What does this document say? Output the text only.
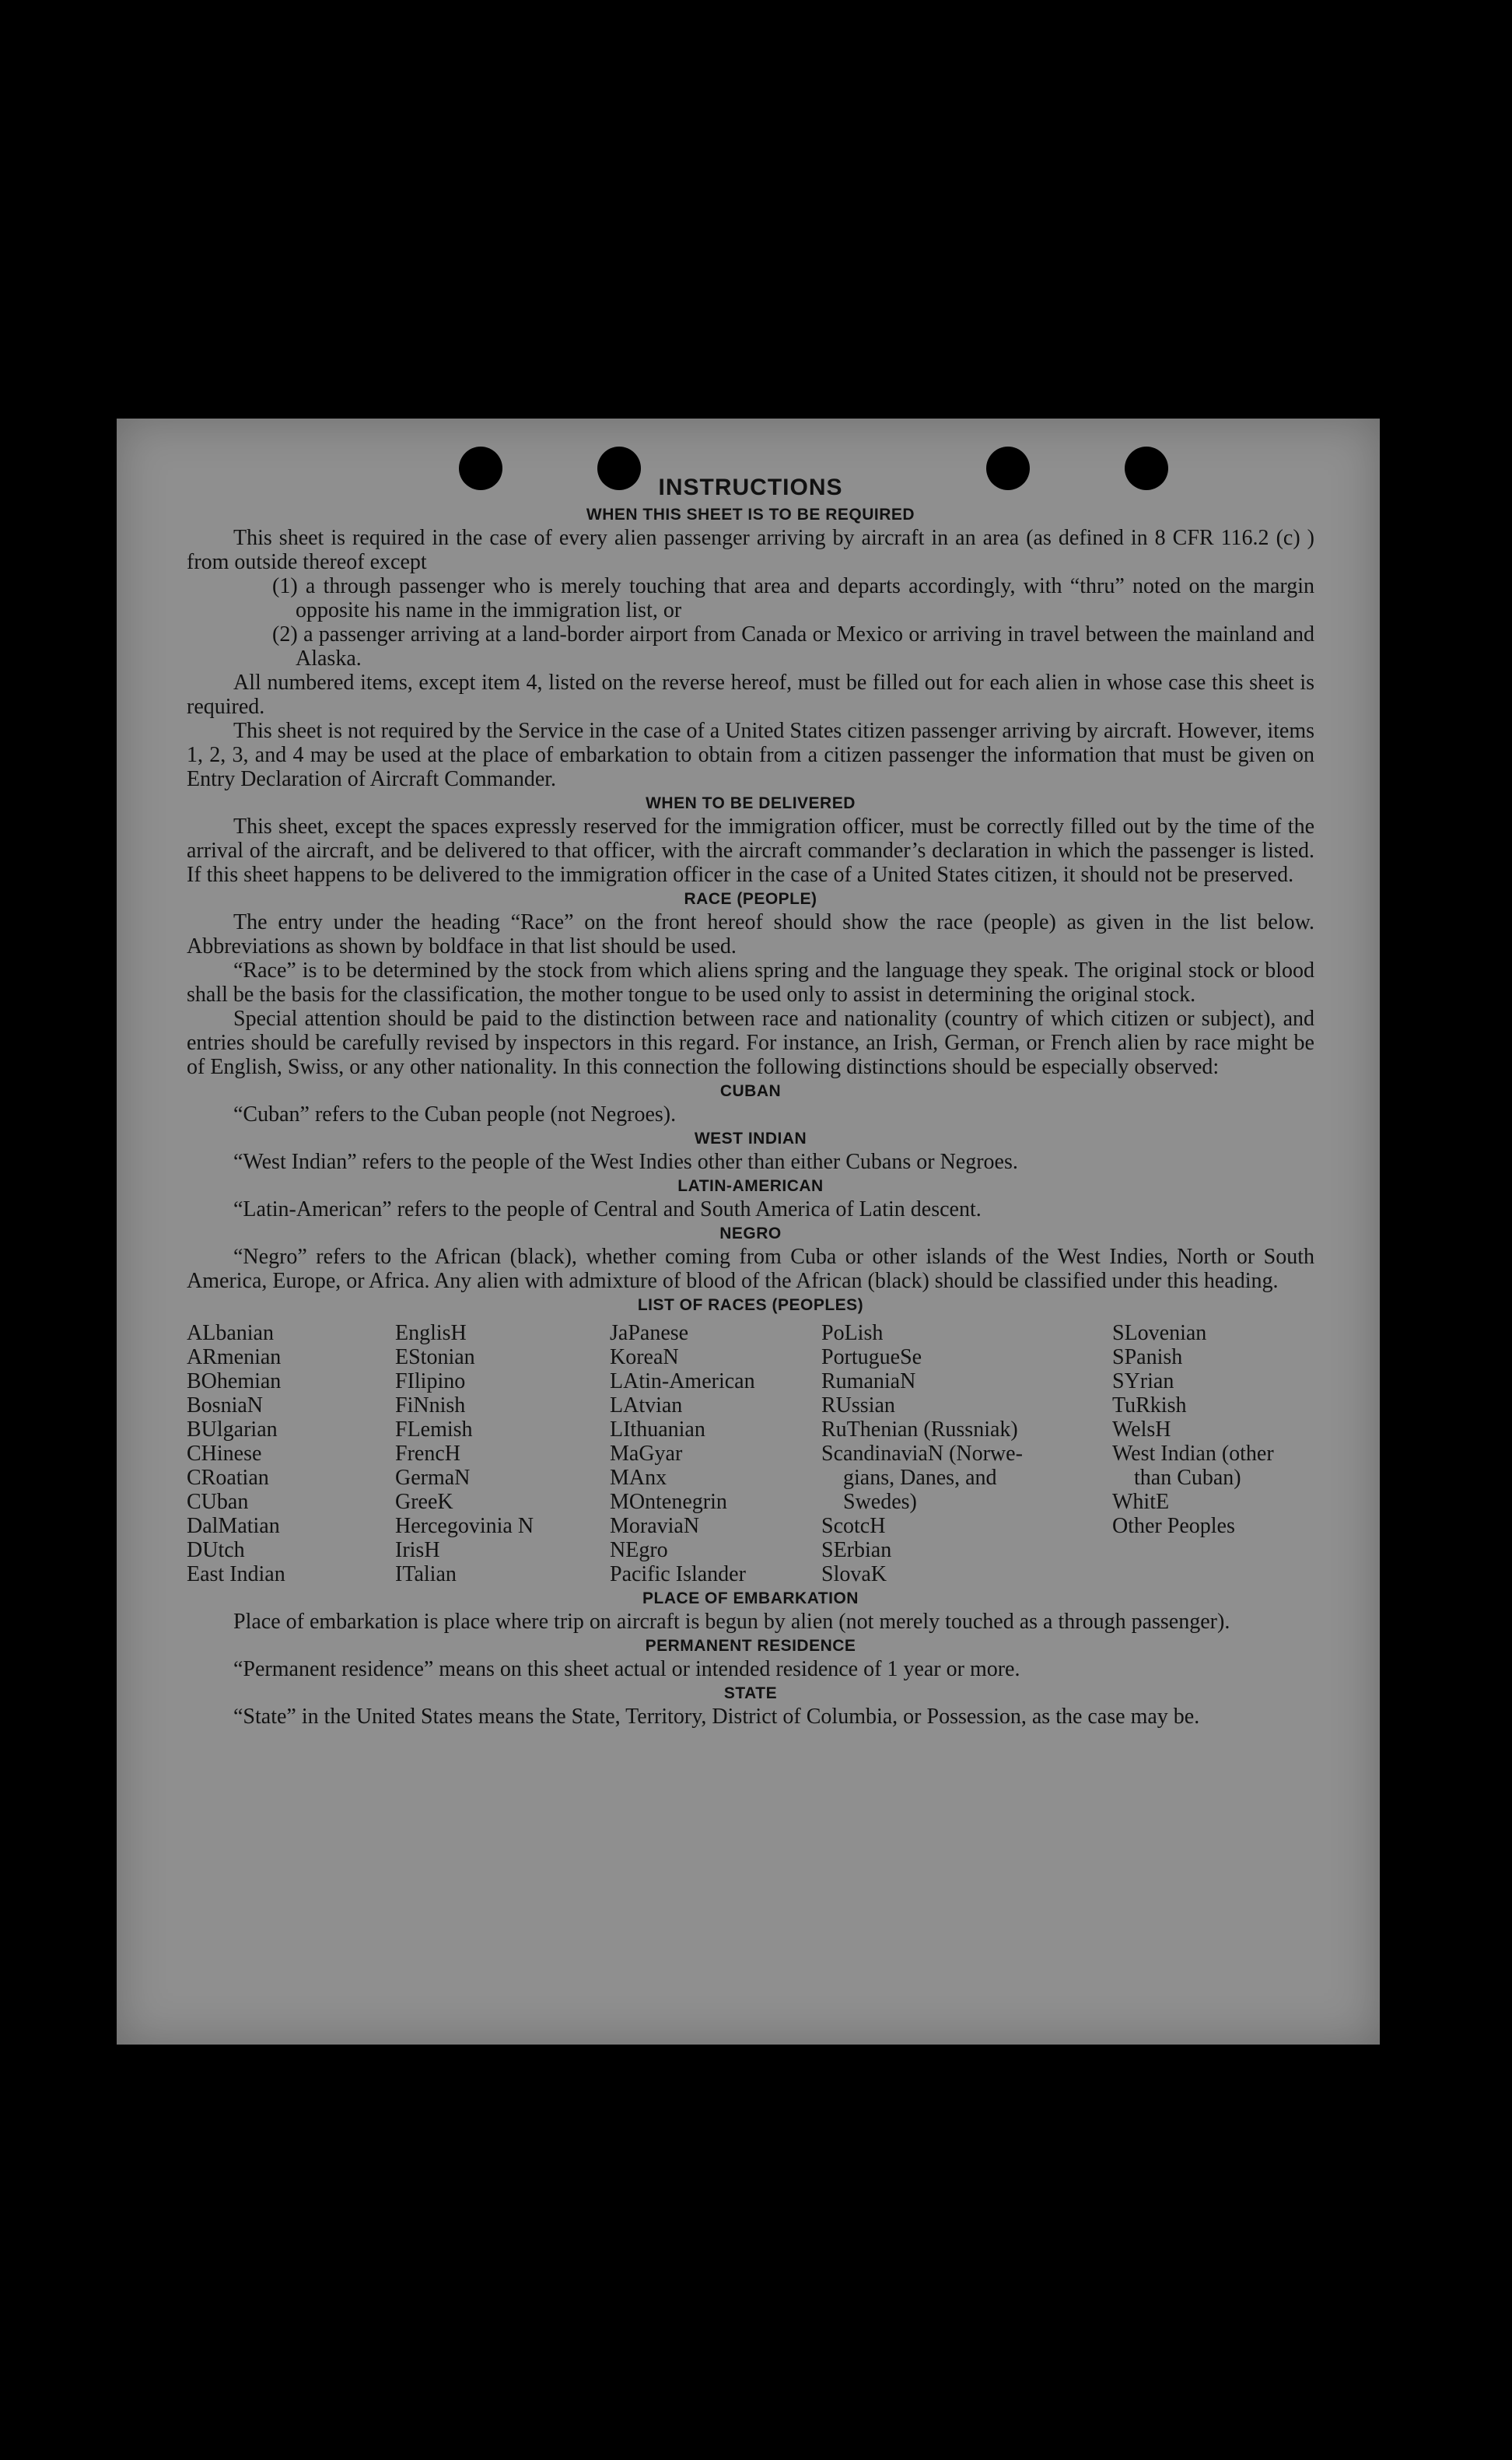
INSTRUCTIONS
WHEN THIS SHEET IS TO BE REQUIRED

This sheet is required in the case of every alien passenger arriving by aircraft in an area (as defined in 8 CFR 116.2 (c) ) from outside thereof except

(1) a through passenger who is merely touching that area and departs accordingly, with “thru” noted on the margin opposite his name in the immigration list, or
(2) a passenger arriving at a land-border airport from Canada or Mexico or arriving in travel between the mainland and Alaska.

All numbered items, except item 4, listed on the reverse hereof, must be filled out for each alien in whose case this sheet is required.

This sheet is not required by the Service in the case of a United States citizen passenger arriving by aircraft. However, items 1, 2, 3, and 4 may be used at the place of embarkation to obtain from a citizen passenger the information that must be given on Entry Declaration of Aircraft Commander.

WHEN TO BE DELIVERED

This sheet, except the spaces expressly reserved for the immigration officer, must be correctly filled out by the time of the arrival of the aircraft, and be delivered to that officer, with the aircraft commander’s declaration in which the passenger is listed. If this sheet happens to be delivered to the immigration officer in the case of a United States citizen, it should not be preserved.

RACE (PEOPLE)

The entry under the heading “Race” on the front hereof should show the race (people) as given in the list below. Abbreviations as shown by boldface in that list should be used.

“Race” is to be determined by the stock from which aliens spring and the language they speak. The original stock or blood shall be the basis for the classification, the mother tongue to be used only to assist in determining the original stock.

Special attention should be paid to the distinction between race and nationality (country of which citizen or subject), and entries should be carefully revised by inspectors in this regard. For instance, an Irish, German, or French alien by race might be of English, Swiss, or any other nationality. In this connection the following distinctions should be especially observed:

CUBAN

“Cuban” refers to the Cuban people (not Negroes).

WEST INDIAN

“West Indian” refers to the people of the West Indies other than either Cubans or Negroes.

LATIN-AMERICAN

“Latin-American” refers to the people of Central and South America of Latin descent.

NEGRO

“Negro” refers to the African (black), whether coming from Cuba or other islands of the West Indies, North or South America, Europe, or Africa. Any alien with admixture of blood of the African (black) should be classified under this heading.

LIST OF RACES (PEOPLES)
ALbanian
ARmenian
BOhemian
BosniaN
BUlgarian
CHinese
CRoatian
CUban
DalMatian
DUtch
East Indian
EnglisH
EStonian
FIlipino
FiNnish
FLemish
FrencH
GermaN
GreeK
Hercegovinia N
IrisH
ITalian
JaPanese
KoreaN
LAtin-American
LAtvian
LIthuanian
MaGyar
MAnx
MOntenegrin
MoraviaN
NEgro
Pacific Islander
PoLish
PortugueSe
RumaniaN
RUssian
RuThenian (Russniak)
ScandinaviaN (Norwe-
gians, Danes, and
Swedes)
ScotcH
SErbian
SlovaK
SLovenian
SPanish
SYrian
TuRkish
WelsH
West Indian (other
than Cuban)
WhitE
Other Peoples
PLACE OF EMBARKATION

Place of embarkation is place where trip on aircraft is begun by alien (not merely touched as a through passenger).

PERMANENT RESIDENCE

“Permanent residence” means on this sheet actual or intended residence of 1 year or more.

STATE

“State” in the United States means the State, Territory, District of Columbia, or Possession, as the case may be.
